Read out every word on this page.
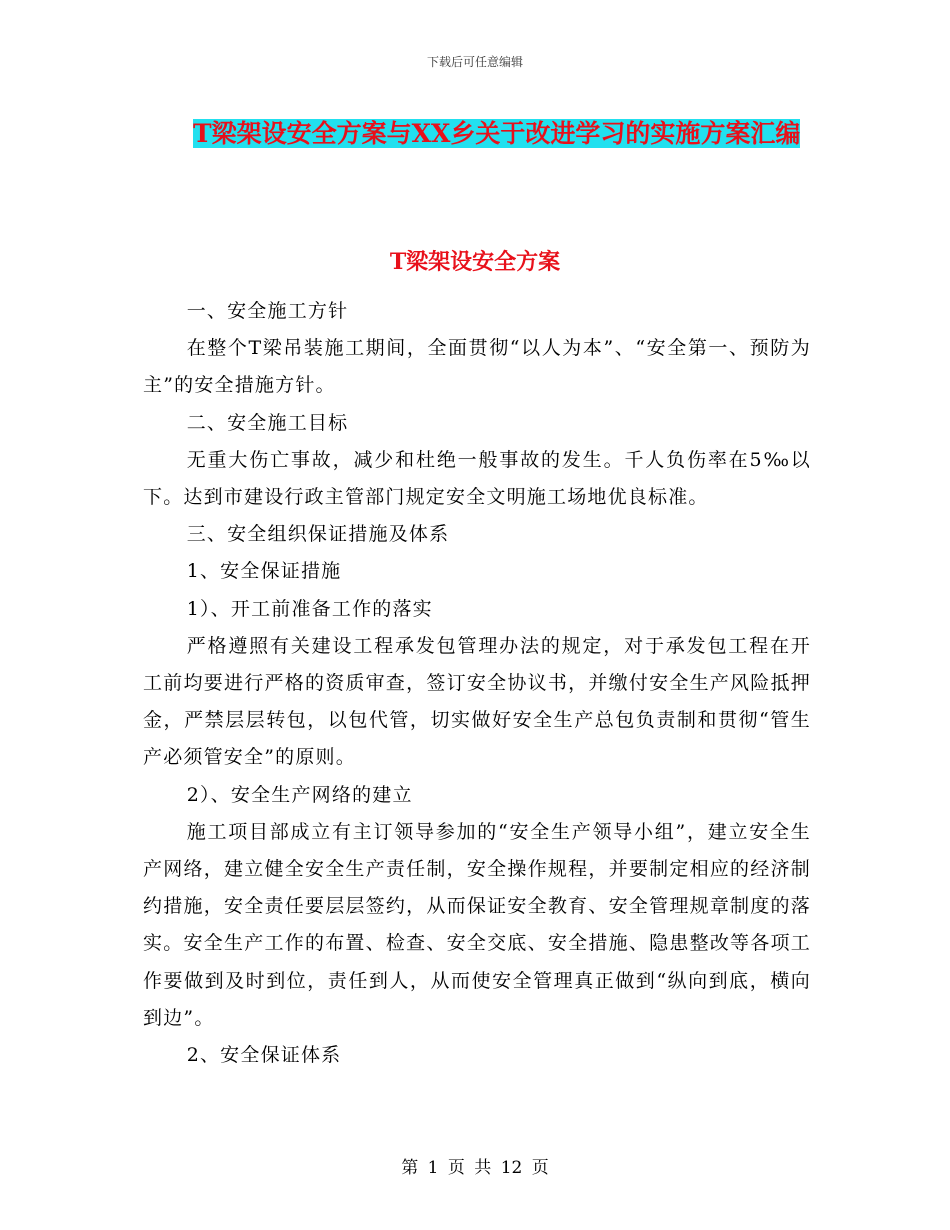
下载后可任意编辑
T梁架设安全方案与XX乡关于改进学习的实施方案汇编
T梁架设安全方案

一、安全施工方针

在整个T梁吊装施工期间，全面贯彻“以人为本”、“安全第一、预防为主”的安全措施方针。

二、安全施工目标

无重大伤亡事故，减少和杜绝一般事故的发生。千人负伤率在5‰以下。达到市建设行政主管部门规定安全文明施工场地优良标准。

三、安全组织保证措施及体系

1、安全保证措施

1）、开工前准备工作的落实

严格遵照有关建设工程承发包管理办法的规定，对于承发包工程在开工前均要进行严格的资质审查，签订安全协议书，并缴付安全生产风险抵押金，严禁层层转包，以包代管，切实做好安全生产总包负责制和贯彻“管生产必须管安全”的原则。

2）、安全生产网络的建立

施工项目部成立有主订领导参加的“安全生产领导小组”，建立安全生产网络，建立健全安全生产责任制，安全操作规程，并要制定相应的经济制约措施，安全责任要层层签约，从而保证安全教育、安全管理规章制度的落实。安全生产工作的布置、检查、安全交底、安全措施、隐患整改等各项工作要做到及时到位，责任到人，从而使安全管理真正做到“纵向到底，横向到边”。

2、安全保证体系

第 1 页 共 12 页
